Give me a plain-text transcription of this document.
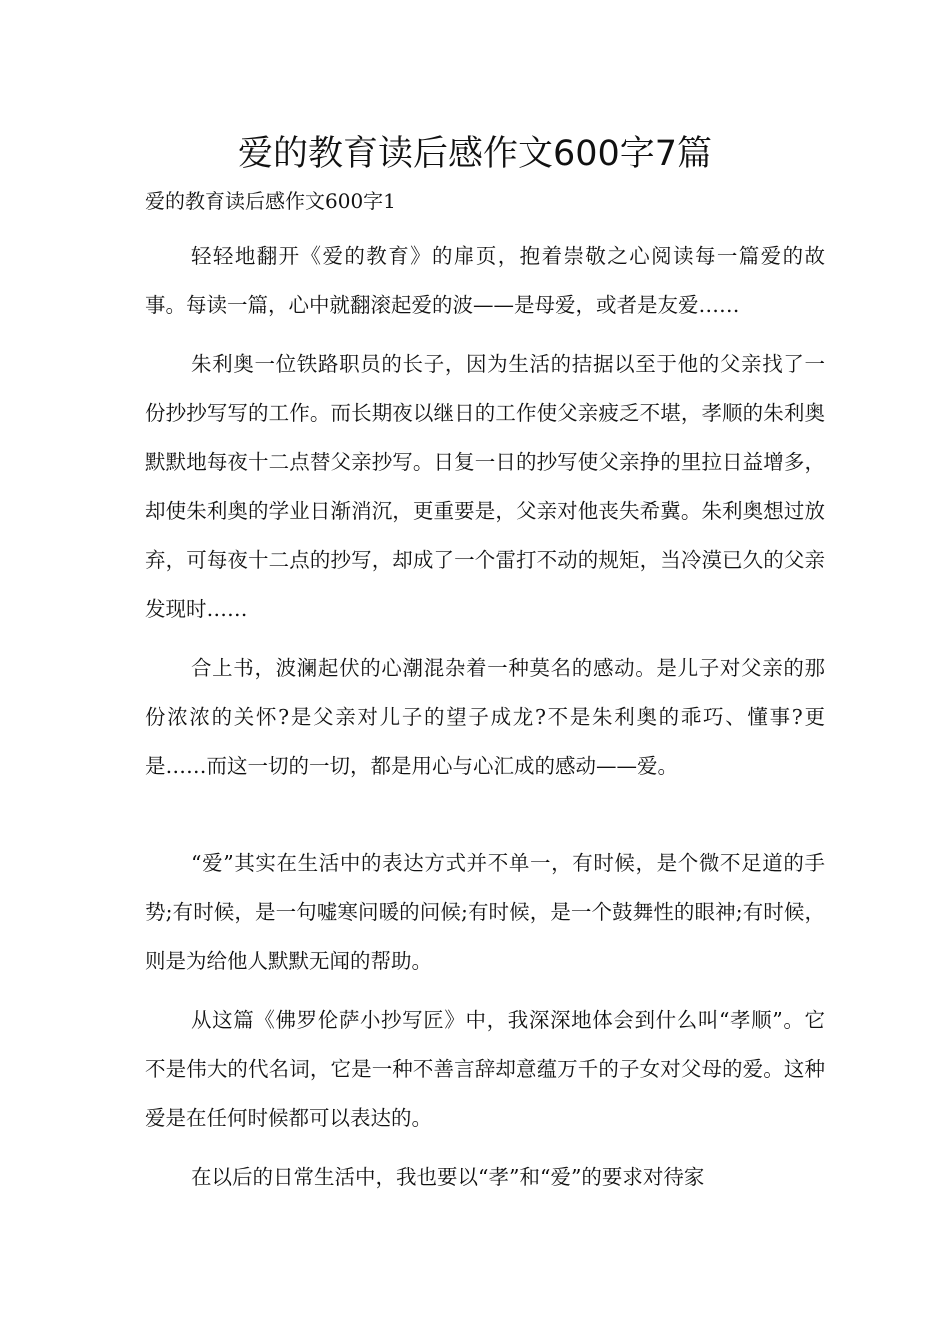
爱的教育读后感作文600字7篇

爱的教育读后感作文600字1

轻轻地翻开《爱的教育》的扉页，抱着崇敬之心阅读每一篇爱的故事。每读一篇，心中就翻滚起爱的波——是母爱，或者是友爱……

朱利奥一位铁路职员的长子，因为生活的拮据以至于他的父亲找了一份抄抄写写的工作。而长期夜以继日的工作使父亲疲乏不堪，孝顺的朱利奥默默地每夜十二点替父亲抄写。日复一日的抄写使父亲挣的里拉日益增多，却使朱利奥的学业日渐消沉，更重要是，父亲对他丧失希冀。朱利奥想过放弃，可每夜十二点的抄写，却成了一个雷打不动的规矩，当冷漠已久的父亲发现时……

合上书，波澜起伏的心潮混杂着一种莫名的感动。是儿子对父亲的那份浓浓的关怀?是父亲对儿子的望子成龙?不是朱利奥的乖巧、懂事?更是……而这一切的一切，都是用心与心汇成的感动——爱。

“爱”其实在生活中的表达方式并不单一，有时候，是个微不足道的手势;有时候，是一句嘘寒问暖的问候;有时候，是一个鼓舞性的眼神;有时候，则是为给他人默默无闻的帮助。

从这篇《佛罗伦萨小抄写匠》中，我深深地体会到什么叫“孝顺”。它不是伟大的代名词，它是一种不善言辞却意蕴万千的子女对父母的爱。这种爱是在任何时候都可以表达的。

在以后的日常生活中，我也要以“孝”和“爱”的要求对待家
